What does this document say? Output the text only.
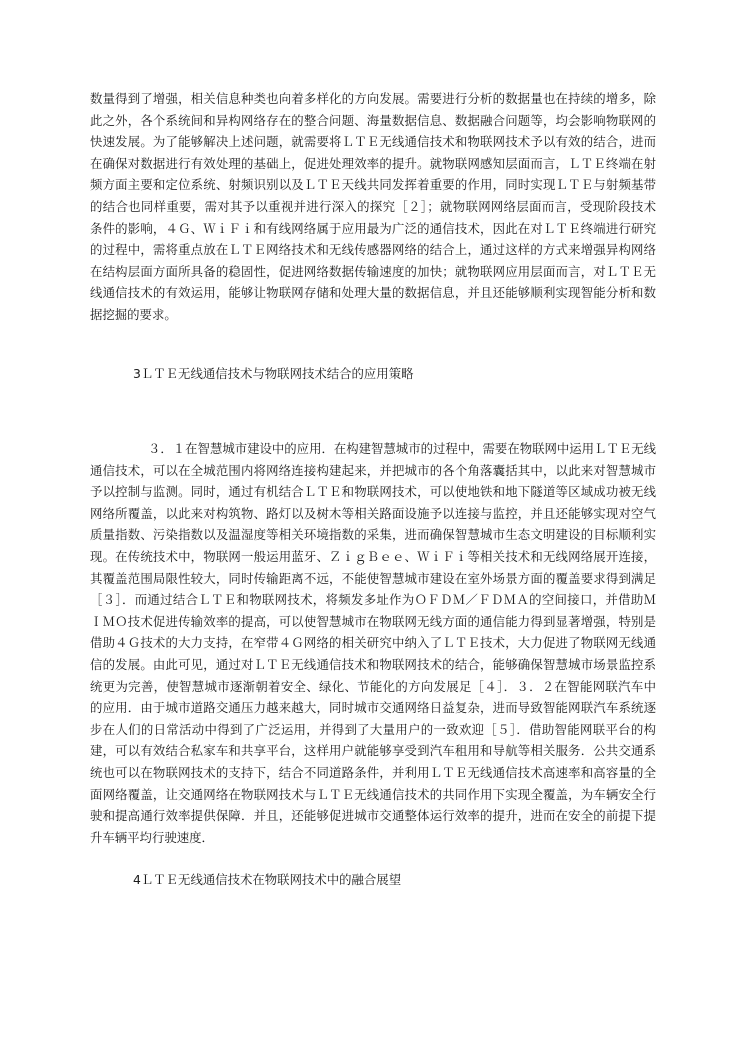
数量得到了增强，相关信息种类也向着多样化的方向发展。需要进行分析的数据量也在持续的增多，除
此之外，各个系统间和异构网络存在的整合问题、海量数据信息、数据融合问题等，均会影响物联网的
快速发展。为了能够解决上述问题，就需要将ＬＴＥ无线通信技术和物联网技术予以有效的结合，进而
在确保对数据进行有效处理的基础上，促进处理效率的提升。就物联网感知层面而言，ＬＴＥ终端在射
频方面主要和定位系统、射频识别以及ＬＴＥ天线共同发挥着重要的作用，同时实现ＬＴＥ与射频基带
的结合也同样重要，需对其予以重视并进行深入的探究［２］；就物联网网络层面而言，受现阶段技术
条件的影响，４Ｇ、ＷｉＦｉ和有线网络属于应用最为广泛的通信技术，因此在对ＬＴＥ终端进行研究
的过程中，需将重点放在ＬＴＥ网络技术和无线传感器网络的结合上，通过这样的方式来增强异构网络
在结构层面方面所具备的稳固性，促进网络数据传输速度的加快；就物联网应用层面而言，对ＬＴＥ无
线通信技术的有效运用，能够让物联网存储和处理大量的数据信息，并且还能够顺利实现智能分析和数
据挖掘的要求。
3ＬＴＥ无线通信技术与物联网技术结合的应用策略
３．１在智慧城市建设中的应用．在构建智慧城市的过程中，需要在物联网中运用ＬＴＥ无线
通信技术，可以在全城范围内将网络连接构建起来，并把城市的各个角落囊括其中，以此来对智慧城市
予以控制与监测。同时，通过有机结合ＬＴＥ和物联网技术，可以使地铁和地下隧道等区域成功被无线
网络所覆盖，以此来对构筑物、路灯以及树木等相关路面设施予以连接与监控，并且还能够实现对空气
质量指数、污染指数以及温湿度等相关环境指数的采集，进而确保智慧城市生态文明建设的目标顺利实
现。在传统技术中，物联网一般运用蓝牙、ＺｉｇＢｅｅ、ＷｉＦｉ等相关技术和无线网络展开连接，
其覆盖范围局限性较大，同时传输距离不远，不能使智慧城市建设在室外场景方面的覆盖要求得到满足
［３］．而通过结合ＬＴＥ和物联网技术，将频发多址作为ＯＦＤＭ／ＦＤＭＡ的空间接口，并借助Ｍ
ＩＭＯ技术促进传输效率的提高，可以使智慧城市在物联网无线方面的通信能力得到显著增强，特别是
借助４Ｇ技术的大力支持，在窄带４Ｇ网络的相关研究中纳入了ＬＴＥ技术，大力促进了物联网无线通
信的发展。由此可见，通过对ＬＴＥ无线通信技术和物联网技术的结合，能够确保智慧城市场景监控系
统更为完善，使智慧城市逐渐朝着安全、绿化、节能化的方向发展足［４］．３．２在智能网联汽车中
的应用．由于城市道路交通压力越来越大，同时城市交通网络日益复杂，进而导致智能网联汽车系统逐
步在人们的日常活动中得到了广泛运用，并得到了大量用户的一致欢迎［５］．借助智能网联平台的构
建，可以有效结合私家车和共享平台，这样用户就能够享受到汽车租用和导航等相关服务．公共交通系
统也可以在物联网技术的支持下，结合不同道路条件，并利用ＬＴＥ无线通信技术高速率和高容量的全
面网络覆盖，让交通网络在物联网技术与ＬＴＥ无线通信技术的共同作用下实现全覆盖，为车辆安全行
驶和提高通行效率提供保障．并且，还能够促进城市交通整体运行效率的提升，进而在安全的前提下提
升车辆平均行驶速度．
4ＬＴＥ无线通信技术在物联网技术中的融合展望
